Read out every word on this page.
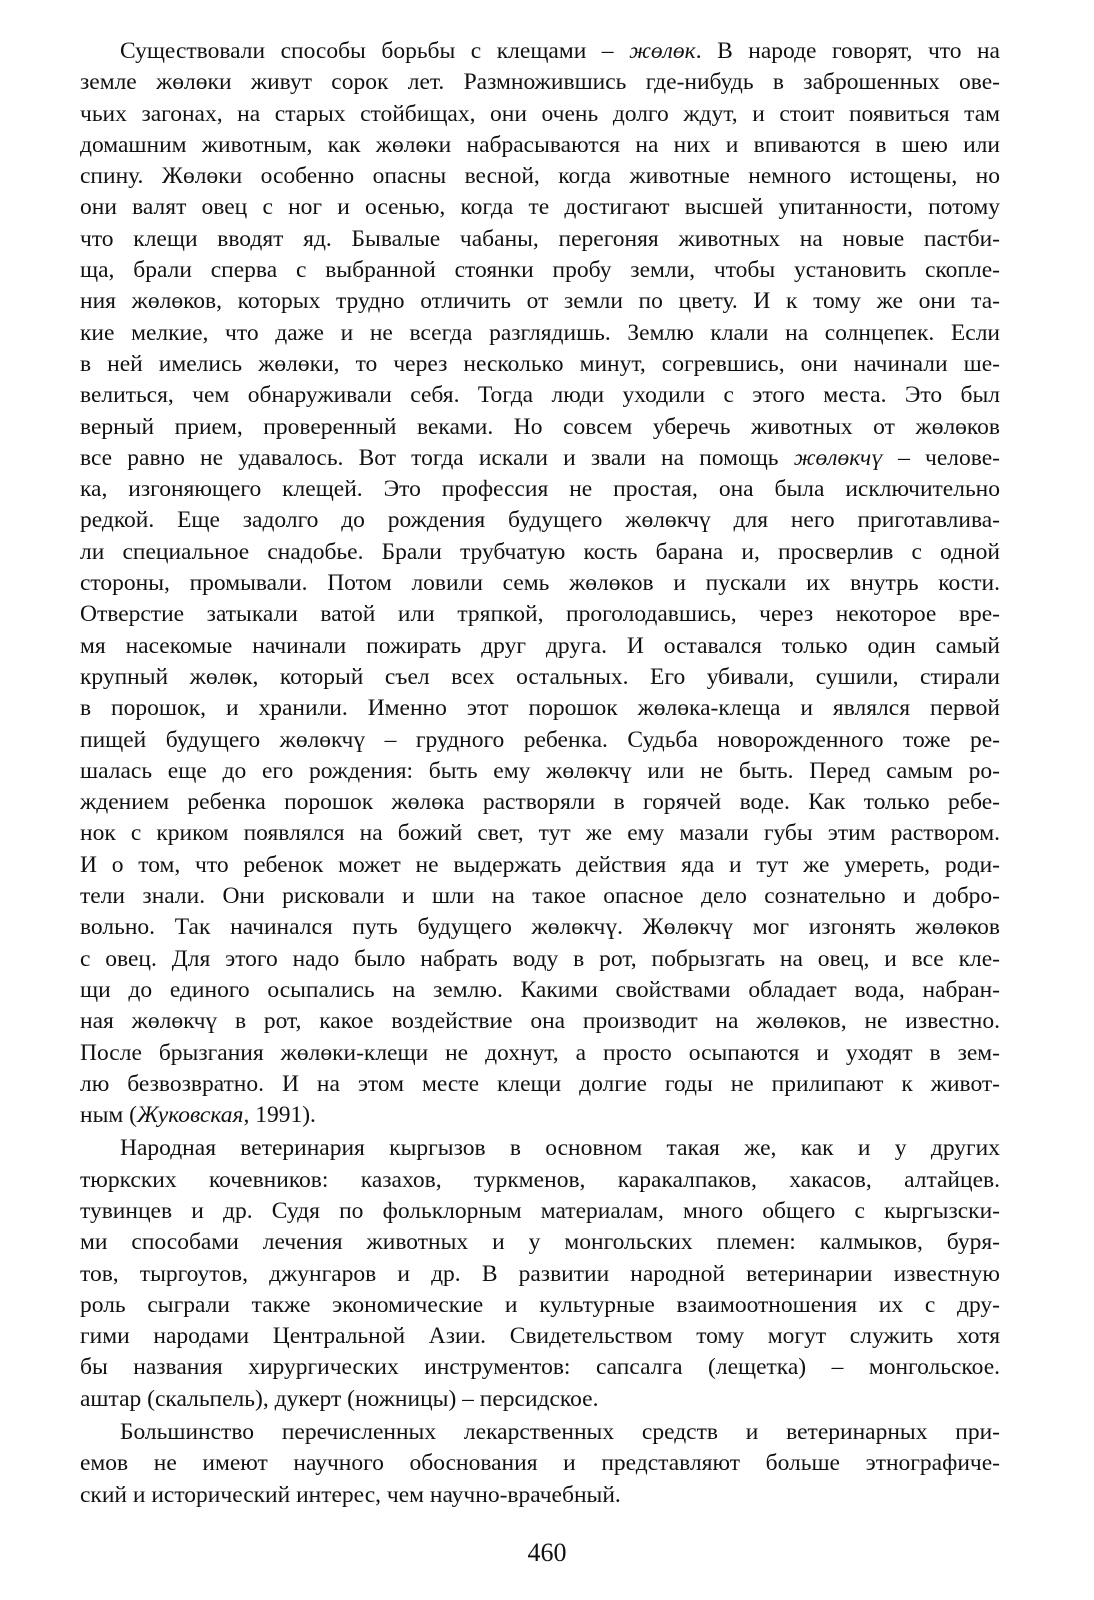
Существовали способы борьбы с клещами – жөлөк. В народе говорят, что на
земле жөлөки живут сорок лет. Размножившись где-нибудь в заброшенных ове-
чьих загонах, на старых стойбищах, они очень долго ждут, и стоит появиться там
домашним животным, как жөлөки набрасываются на них и впиваются в шею или
спину. Жөлөки особенно опасны весной, когда животные немного истощены, но
они валят овец с ног и осенью, когда те достигают высшей упитанности, потому
что клещи вводят яд. Бывалые чабаны, перегоняя животных на новые пастби-
ща, брали сперва с выбранной стоянки пробу земли, чтобы установить скопле-
ния жөлөков, которых трудно отличить от земли по цвету. И к тому же они та-
кие мелкие, что даже и не всегда разглядишь. Землю клали на солнцепек. Если
в ней имелись жөлөки, то через несколько минут, согревшись, они начинали ше-
велиться, чем обнаруживали себя. Тогда люди уходили с этого места. Это был
верный прием, проверенный веками. Но совсем уберечь животных от жөлөков
все равно не удавалось. Вот тогда искали и звали на помощь жөлөкчү – челове-
ка, изгоняющего клещей. Это профессия не простая, она была исключительно
редкой. Еще задолго до рождения будущего жөлөкчү для него приготавлива-
ли специальное снадобье. Брали трубчатую кость барана и, просверлив с одной
стороны, промывали. Потом ловили семь жөлөков и пускали их внутрь кости.
Отверстие затыкали ватой или тряпкой, проголодавшись, через некоторое вре-
мя насекомые начинали пожирать друг друга. И оставался только один самый
крупный жөлөк, который съел всех остальных. Его убивали, сушили, стирали
в порошок, и хранили. Именно этот порошок жөлөка-клеща и являлся первой
пищей будущего жөлөкчү – грудного ребенка. Судьба новорожденного тоже ре-
шалась еще до его рождения: быть ему жөлөкчү или не быть. Перед самым ро-
ждением ребенка порошок жөлөка растворяли в горячей воде. Как только ребе-
нок с криком появлялся на божий свет, тут же ему мазали губы этим раствором.
И о том, что ребенок может не выдержать действия яда и тут же умереть, роди-
тели знали. Они рисковали и шли на такое опасное дело сознательно и добро-
вольно. Так начинался путь будущего жөлөкчү. Жөлөкчү мог изгонять жөлөков
с овец. Для этого надо было набрать воду в рот, побрызгать на овец, и все кле-
щи до единого осыпались на землю. Какими свойствами обладает вода, набран-
ная жөлөкчү в рот, какое воздействие она производит на жөлөков, не известно.
После брызгания жөлөки-клещи не дохнут, а просто осыпаются и уходят в зем-
лю безвозвратно. И на этом месте клещи долгие годы не прилипают к живот-
ным (Жуковская, 1991).
Народная ветеринария кыргызов в основном такая же, как и у других
тюркских кочевников: казахов, туркменов, каракалпаков, хакасов, алтайцев.
тувинцев и др. Судя по фольклорным материалам, много общего с кыргызски-
ми способами лечения животных и у монгольских племен: калмыков, буря-
тов, тыргоутов, джунгаров и др. В развитии народной ветеринарии известную
роль сыграли также экономические и культурные взаимоотношения их с дру-
гими народами Центральной Азии. Свидетельством тому могут служить хотя
бы названия хирургических инструментов: сапсалга (лещетка) – монгольское.
аштар (скальпель), дукерт (ножницы) – персидское.
Большинство перечисленных лекарственных средств и ветеринарных при-
емов не имеют научного обоснования и представляют больше этнографиче-
ский и исторический интерес, чем научно-врачебный.
460
